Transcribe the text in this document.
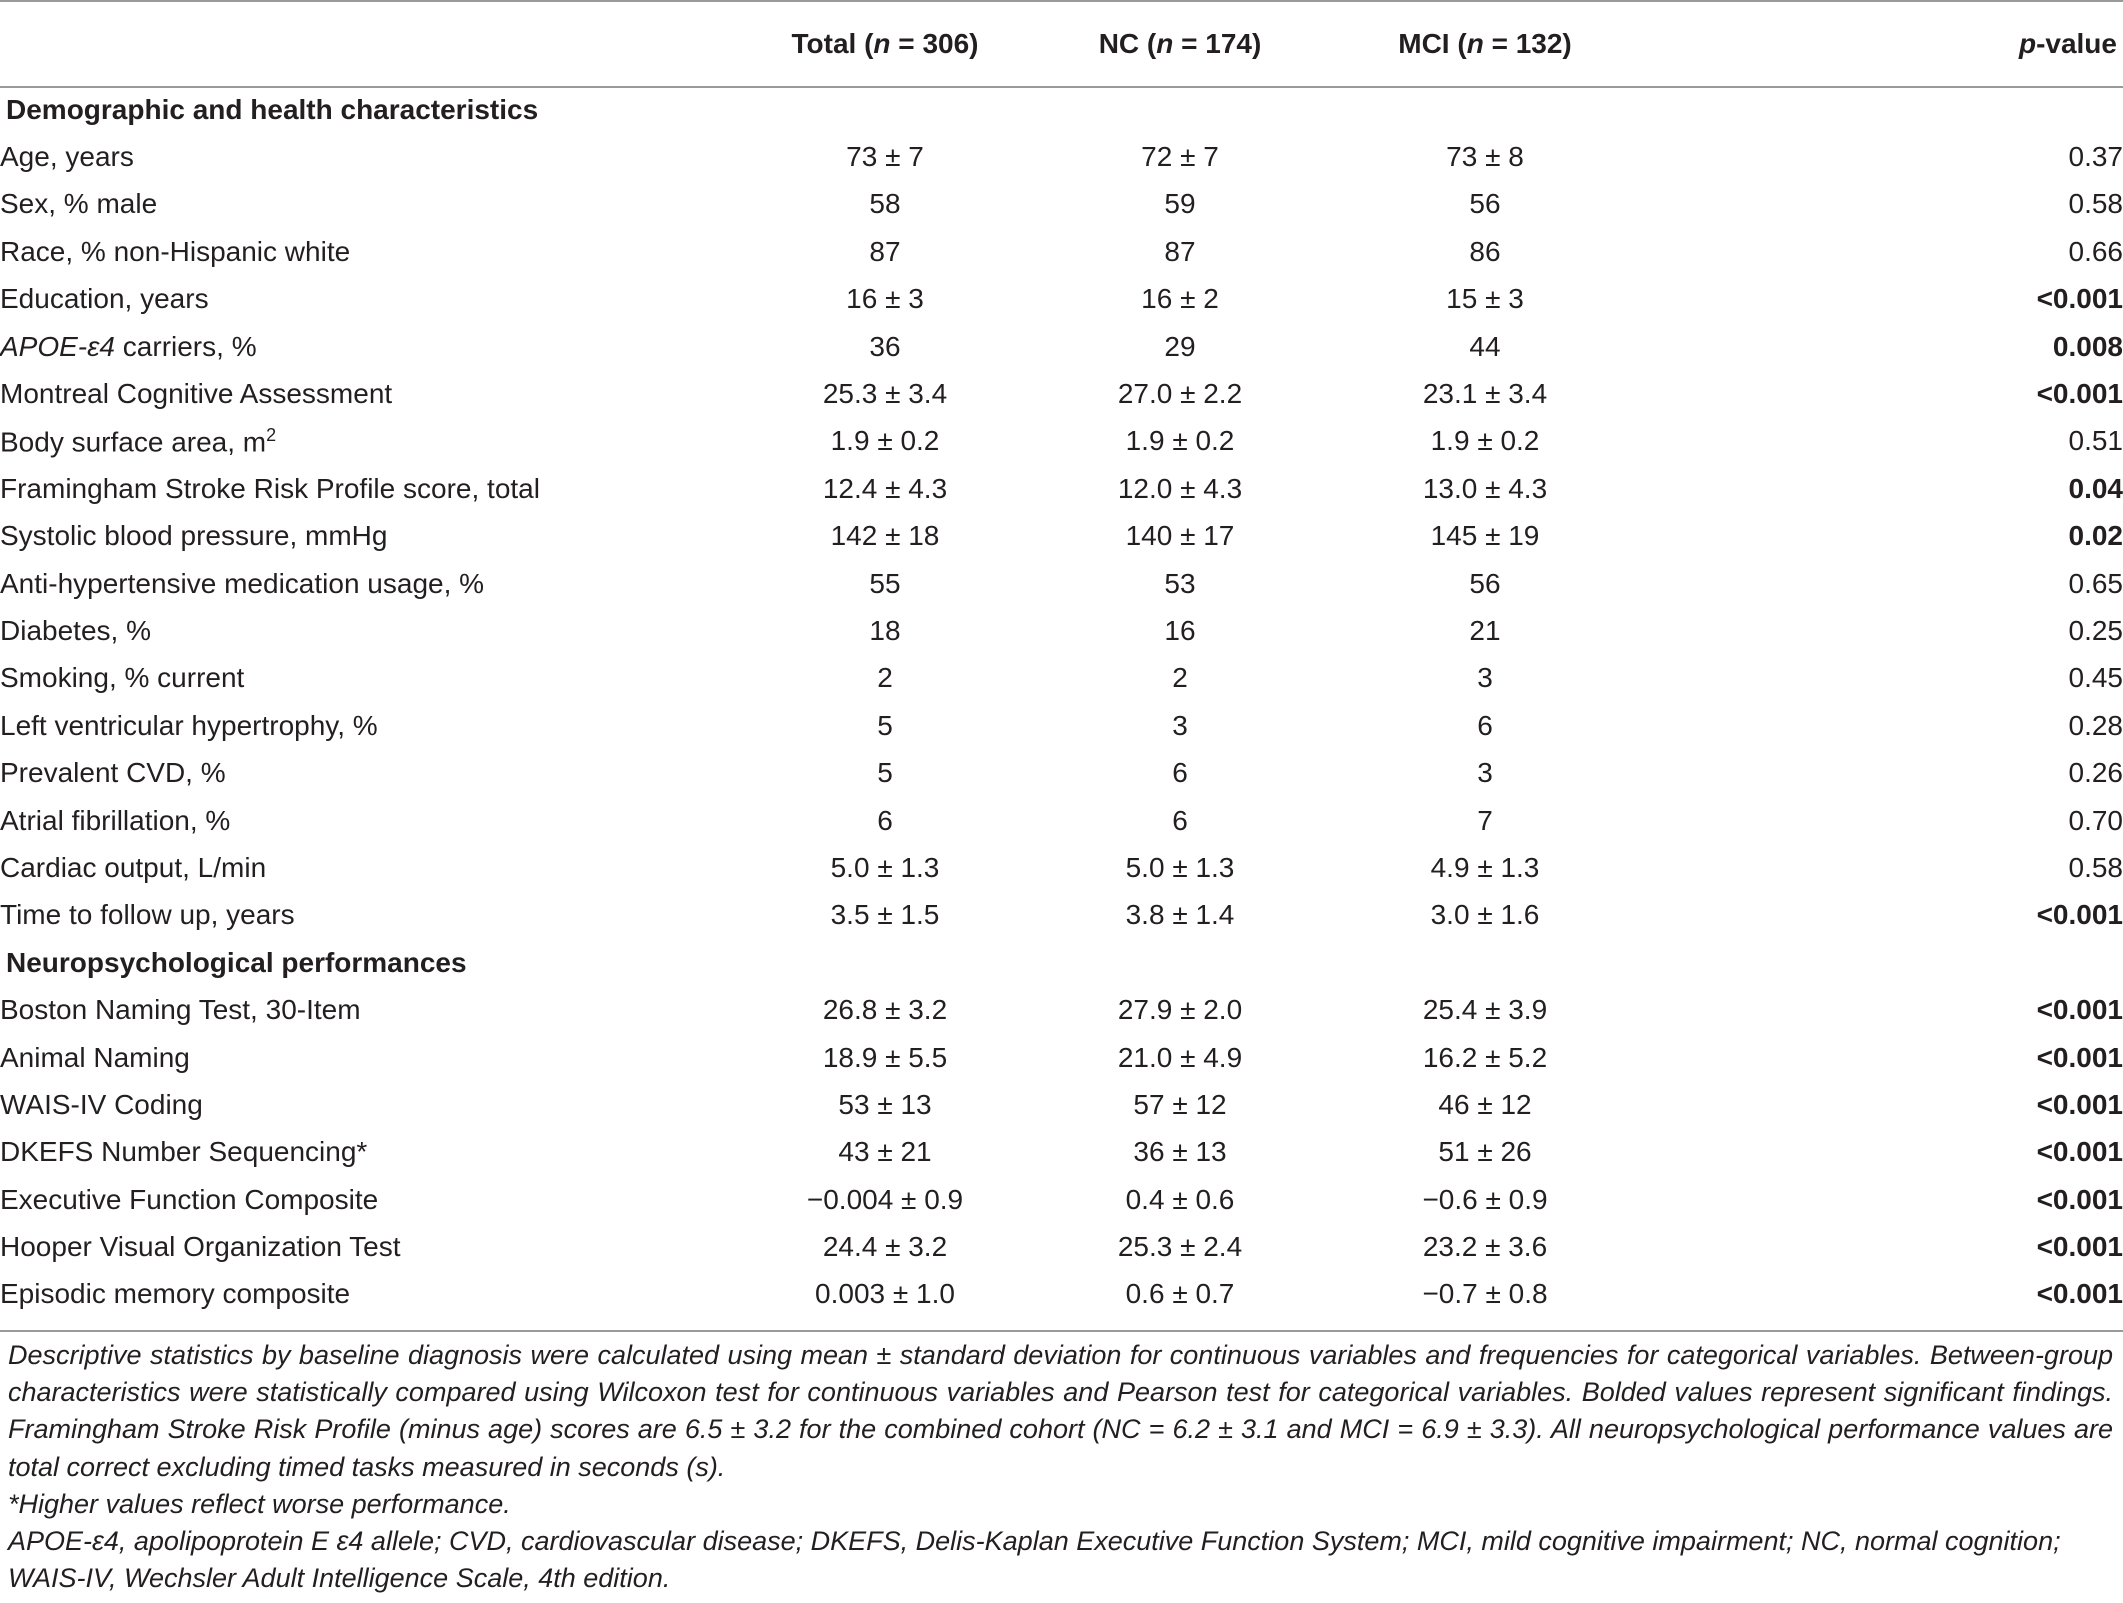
	Total (n = 306)	NC (n = 174)	MCI (n = 132)	p-value
Demographic and health characteristics				
Age, years	73 ± 7	72 ± 7	73 ± 8	0.37
Sex, % male	58	59	56	0.58
Race, % non-Hispanic white	87	87	86	0.66
Education, years	16 ± 3	16 ± 2	15 ± 3	<0.001
APOE-ε4 carriers, %	36	29	44	0.008
Montreal Cognitive Assessment	25.3 ± 3.4	27.0 ± 2.2	23.1 ± 3.4	<0.001
Body surface area, $m^2$	1.9 ± 0.2	1.9 ± 0.2	1.9 ± 0.2	0.51
Framingham Stroke Risk Profile score, total	12.4 ± 4.3	12.0 ± 4.3	13.0 ± 4.3	0.04
Systolic blood pressure, mmHg	142 ± 18	140 ± 17	145 ± 19	0.02
Anti-hypertensive medication usage, %	55	53	56	0.65
Diabetes, %	18	16	21	0.25
Smoking, % current	2	2	3	0.45
Left ventricular hypertrophy, %	5	3	6	0.28
Prevalent CVD, %	5	6	3	0.26
Atrial fibrillation, %	6	6	7	0.70
Cardiac output, L/min	5.0 ± 1.3	5.0 ± 1.3	4.9 ± 1.3	0.58
Time to follow up, years	3.5 ± 1.5	3.8 ± 1.4	3.0 ± 1.6	<0.001
Neuropsychological performances				
Boston Naming Test, 30-Item	26.8 ± 3.2	27.9 ± 2.0	25.4 ± 3.9	<0.001
Animal Naming	18.9 ± 5.5	21.0 ± 4.9	16.2 ± 5.2	<0.001
WAIS-IV Coding	53 ± 13	57 ± 12	46 ± 12	<0.001
DKEFS Number Sequencing*	43 ± 21	36 ± 13	51 ± 26	<0.001
Executive Function Composite	−0.004 ± 0.9	0.4 ± 0.6	−0.6 ± 0.9	<0.001
Hooper Visual Organization Test	24.4 ± 3.2	25.3 ± 2.4	23.2 ± 3.6	<0.001
Episodic memory composite	0.003 ± 1.0	0.6 ± 0.7	−0.7 ± 0.8	<0.001

Descriptive statistics by baseline diagnosis were calculated using mean ± standard deviation for continuous variables and frequencies for categorical variables. Between-group characteristics were statistically compared using Wilcoxon test for continuous variables and Pearson test for categorical variables. Bolded values represent significant findings. Framingham Stroke Risk Profile (minus age) scores are 6.5 ± 3.2 for the combined cohort (NC = 6.2 ± 3.1 and MCI = 6.9 ± 3.3). All neuropsychological performance values are total correct excluding timed tasks measured in seconds (s).

*Higher values reflect worse performance.

APOE-ε4, apolipoprotein E ε4 allele; CVD, cardiovascular disease; DKEFS, Delis-Kaplan Executive Function System; MCI, mild cognitive impairment; NC, normal cognition;

WAIS-IV, Wechsler Adult Intelligence Scale, 4th edition.
